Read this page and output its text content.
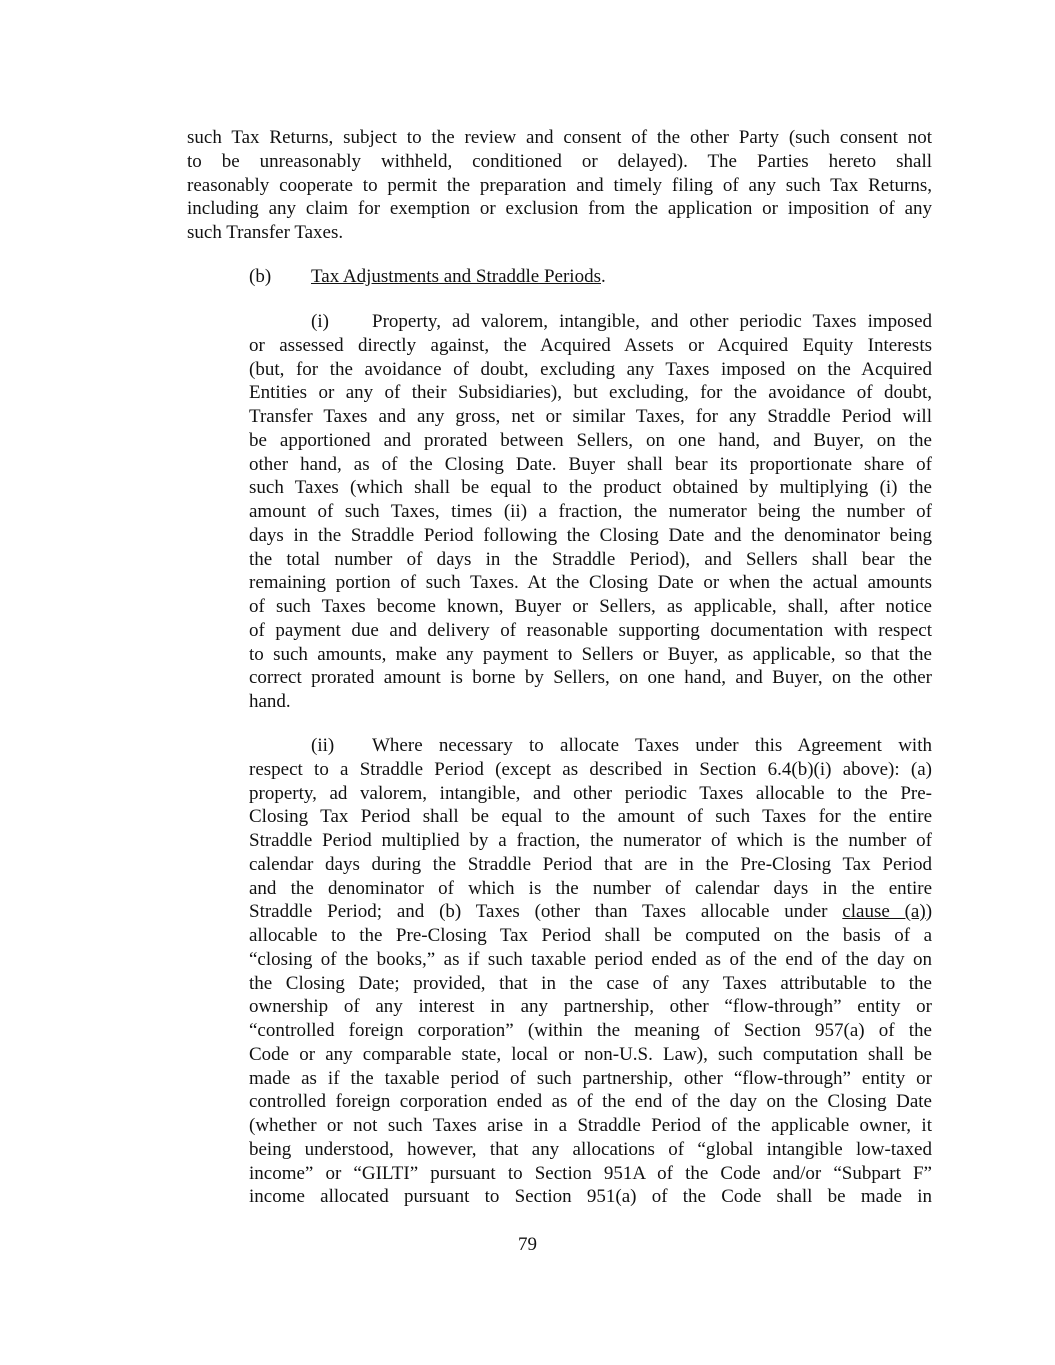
such Tax Returns, subject to the review and consent of the other Party (such consent not
to be unreasonably withheld, conditioned or delayed). The Parties hereto shall
reasonably cooperate to permit the preparation and timely filing of any such Tax Returns,
including any claim for exemption or exclusion from the application or imposition of any
such Transfer Taxes.
(b) Tax Adjustments and Straddle Periods.
(i) Property, ad valorem, intangible, and other periodic Taxes imposed
or assessed directly against, the Acquired Assets or Acquired Equity Interests
(but, for the avoidance of doubt, excluding any Taxes imposed on the Acquired
Entities or any of their Subsidiaries), but excluding, for the avoidance of doubt,
Transfer Taxes and any gross, net or similar Taxes, for any Straddle Period will
be apportioned and prorated between Sellers, on one hand, and Buyer, on the
other hand, as of the Closing Date. Buyer shall bear its proportionate share of
such Taxes (which shall be equal to the product obtained by multiplying (i) the
amount of such Taxes, times (ii) a fraction, the numerator being the number of
days in the Straddle Period following the Closing Date and the denominator being
the total number of days in the Straddle Period), and Sellers shall bear the
remaining portion of such Taxes. At the Closing Date or when the actual amounts
of such Taxes become known, Buyer or Sellers, as applicable, shall, after notice
of payment due and delivery of reasonable supporting documentation with respect
to such amounts, make any payment to Sellers or Buyer, as applicable, so that the
correct prorated amount is borne by Sellers, on one hand, and Buyer, on the other
hand.
(ii) Where necessary to allocate Taxes under this Agreement with
respect to a Straddle Period (except as described in Section 6.4(b)(i) above): (a)
property, ad valorem, intangible, and other periodic Taxes allocable to the Pre-
Closing Tax Period shall be equal to the amount of such Taxes for the entire
Straddle Period multiplied by a fraction, the numerator of which is the number of
calendar days during the Straddle Period that are in the Pre-Closing Tax Period
and the denominator of which is the number of calendar days in the entire
Straddle Period; and (b) Taxes (other than Taxes allocable under clause (a))
allocable to the Pre-Closing Tax Period shall be computed on the basis of a
“closing of the books,” as if such taxable period ended as of the end of the day on
the Closing Date; provided, that in the case of any Taxes attributable to the
ownership of any interest in any partnership, other “flow-through” entity or
“controlled foreign corporation” (within the meaning of Section 957(a) of the
Code or any comparable state, local or non-U.S. Law), such computation shall be
made as if the taxable period of such partnership, other “flow-through” entity or
controlled foreign corporation ended as of the end of the day on the Closing Date
(whether or not such Taxes arise in a Straddle Period of the applicable owner, it
being understood, however, that any allocations of “global intangible low-taxed
income” or “GILTI” pursuant to Section 951A of the Code and/or “Subpart F”
income allocated pursuant to Section 951(a) of the Code shall be made in
79
